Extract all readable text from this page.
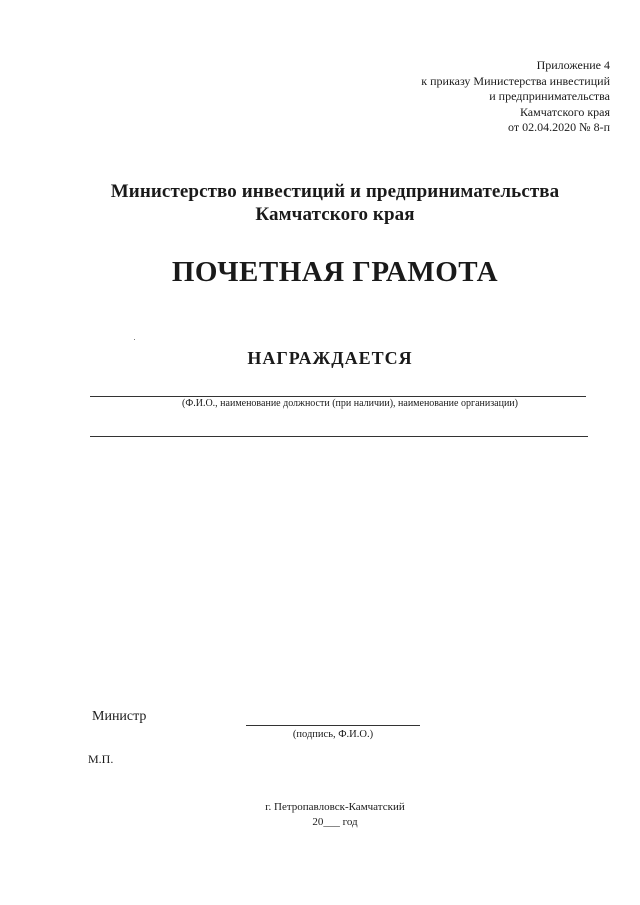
Приложение 4
к приказу Министерства инвестиций
и предпринимательства
Камчатского края
от 02.04.2020 № 8-п
Министерство инвестиций и предпринимательства
Камчатского края
ПОЧЕТНАЯ ГРАМОТА
НАГРАЖДАЕТСЯ
(Ф.И.О., наименование должности (при наличии), наименование организации)
Министр
(подпись, Ф.И.О.)
М.П.
г. Петропавловск-Камчатский
20___ год
